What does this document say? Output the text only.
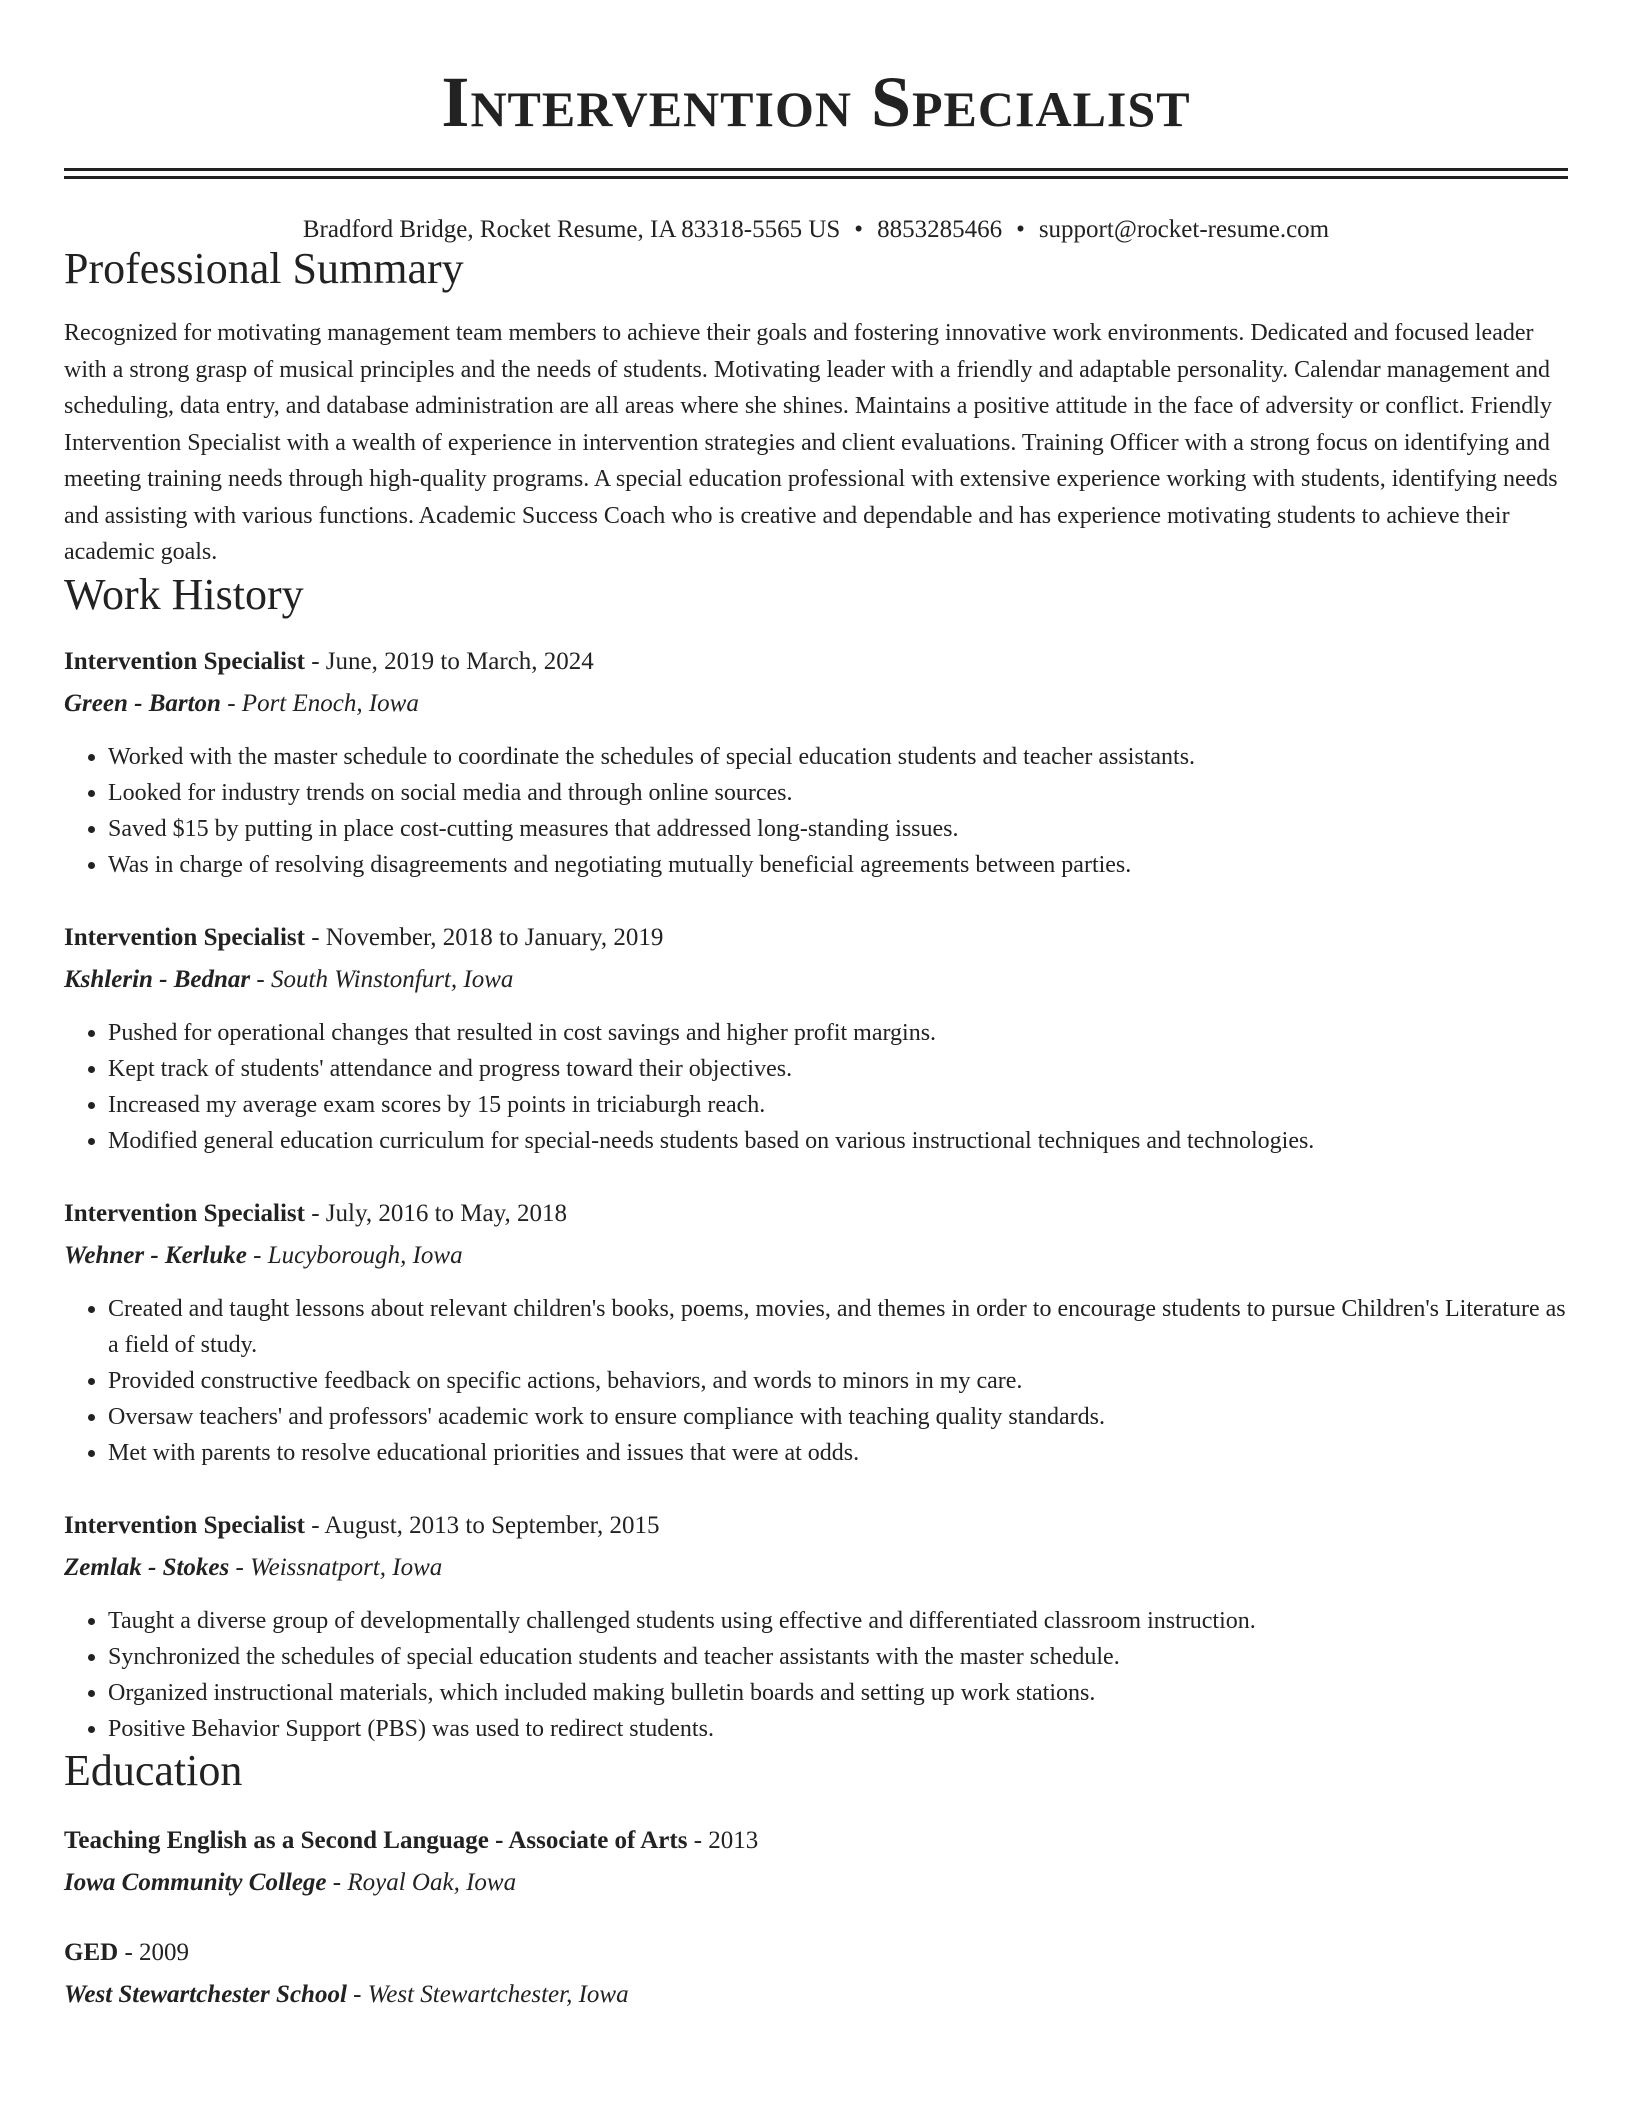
Intervention Specialist
Bradford Bridge, Rocket Resume, IA 83318-5565 US • 8853285466 • support@rocket-resume.com
Professional Summary
Recognized for motivating management team members to achieve their goals and fostering innovative work environments. Dedicated and focused leader with a strong grasp of musical principles and the needs of students. Motivating leader with a friendly and adaptable personality. Calendar management and scheduling, data entry, and database administration are all areas where she shines. Maintains a positive attitude in the face of adversity or conflict. Friendly Intervention Specialist with a wealth of experience in intervention strategies and client evaluations. Training Officer with a strong focus on identifying and meeting training needs through high-quality programs. A special education professional with extensive experience working with students, identifying needs and assisting with various functions. Academic Success Coach who is creative and dependable and has experience motivating students to achieve their academic goals.
Work History
Intervention Specialist - June, 2019 to March, 2024
Green - Barton - Port Enoch, Iowa
• Worked with the master schedule to coordinate the schedules of special education students and teacher assistants.
• Looked for industry trends on social media and through online sources.
• Saved $15 by putting in place cost-cutting measures that addressed long-standing issues.
• Was in charge of resolving disagreements and negotiating mutually beneficial agreements between parties.
Intervention Specialist - November, 2018 to January, 2019
Kshlerin - Bednar - South Winstonfurt, Iowa
• Pushed for operational changes that resulted in cost savings and higher profit margins.
• Kept track of students' attendance and progress toward their objectives.
• Increased my average exam scores by 15 points in triciaburgh reach.
• Modified general education curriculum for special-needs students based on various instructional techniques and technologies.
Intervention Specialist - July, 2016 to May, 2018
Wehner - Kerluke - Lucyborough, Iowa
• Created and taught lessons about relevant children's books, poems, movies, and themes in order to encourage students to pursue Children's Literature as a field of study.
• Provided constructive feedback on specific actions, behaviors, and words to minors in my care.
• Oversaw teachers' and professors' academic work to ensure compliance with teaching quality standards.
• Met with parents to resolve educational priorities and issues that were at odds.
Intervention Specialist - August, 2013 to September, 2015
Zemlak - Stokes - Weissnatport, Iowa
• Taught a diverse group of developmentally challenged students using effective and differentiated classroom instruction.
• Synchronized the schedules of special education students and teacher assistants with the master schedule.
• Organized instructional materials, which included making bulletin boards and setting up work stations.
• Positive Behavior Support (PBS) was used to redirect students.
Education
Teaching English as a Second Language - Associate of Arts - 2013
Iowa Community College - Royal Oak, Iowa
GED - 2009
West Stewartchester School - West Stewartchester, Iowa
